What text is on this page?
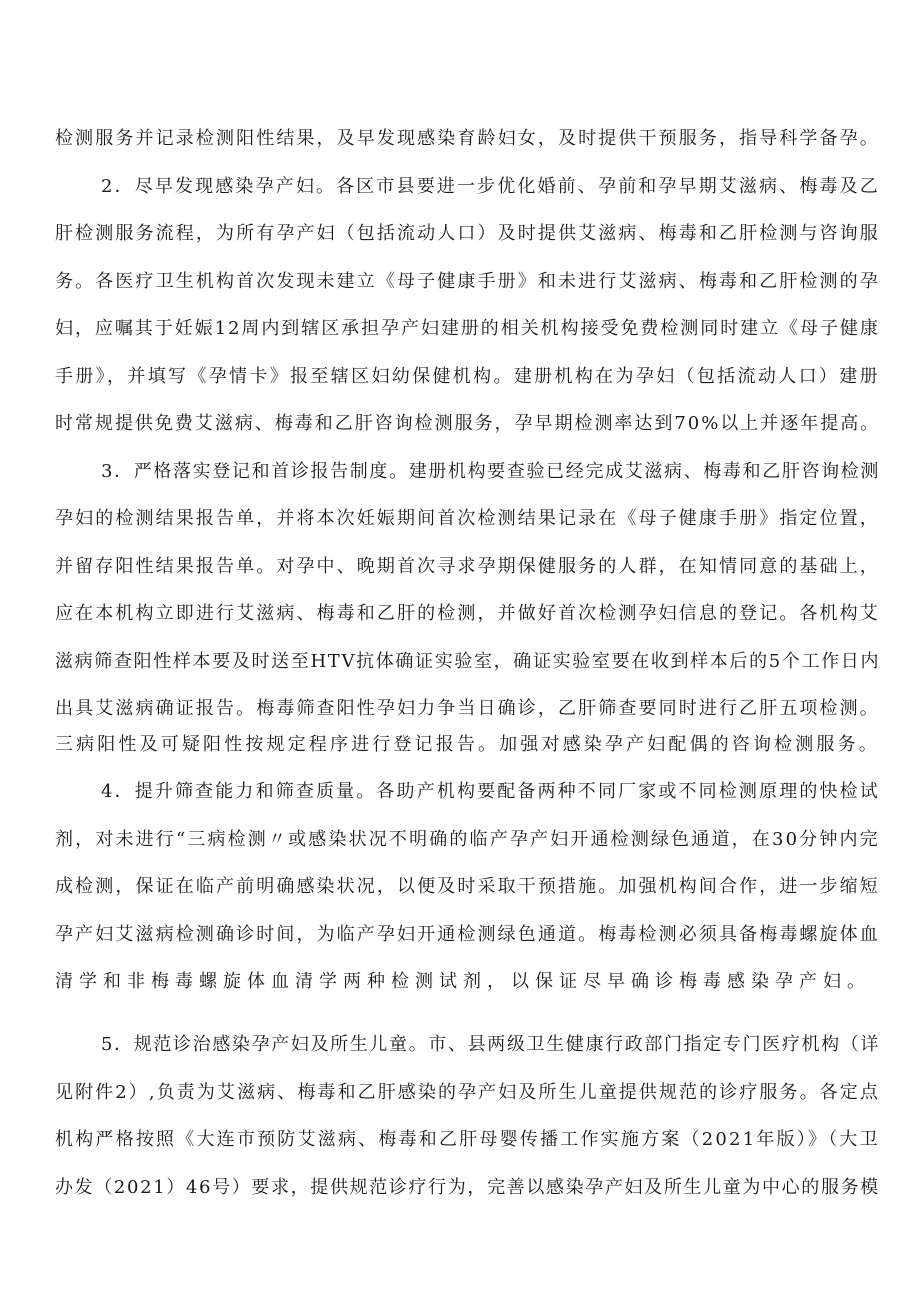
检测服务并记录检测阳性结果，及早发现感染育龄妇女，及时提供干预服务，指导科学备孕。
2．尽早发现感染孕产妇。各区市县要进一步优化婚前、孕前和孕早期艾滋病、梅毒及乙
肝检测服务流程，为所有孕产妇（包括流动人口）及时提供艾滋病、梅毒和乙肝检测与咨询服
务。各医疗卫生机构首次发现未建立《母子健康手册》和未进行艾滋病、梅毒和乙肝检测的孕
妇，应嘱其于妊娠12周内到辖区承担孕产妇建册的相关机构接受免费检测同时建立《母子健康
手册》，并填写《孕情卡》报至辖区妇幼保健机构。建册机构在为孕妇（包括流动人口）建册
时常规提供免费艾滋病、梅毒和乙肝咨询检测服务，孕早期检测率达到70%以上并逐年提高。
3．严格落实登记和首诊报告制度。建册机构要查验已经完成艾滋病、梅毒和乙肝咨询检测
孕妇的检测结果报告单，并将本次妊娠期间首次检测结果记录在《母子健康手册》指定位置，
并留存阳性结果报告单。对孕中、晚期首次寻求孕期保健服务的人群，在知情同意的基础上，
应在本机构立即进行艾滋病、梅毒和乙肝的检测，并做好首次检测孕妇信息的登记。各机构艾
滋病筛查阳性样本要及时送至HTV抗体确证实验室，确证实验室要在收到样本后的5个工作日内
出具艾滋病确证报告。梅毒筛查阳性孕妇力争当日确诊，乙肝筛查要同时进行乙肝五项检测。
三病阳性及可疑阳性按规定程序进行登记报告。加强对感染孕产妇配偶的咨询检测服务。
4．提升筛查能力和筛查质量。各助产机构要配备两种不同厂家或不同检测原理的快检试
剂，对未进行“三病检测〃或感染状况不明确的临产孕产妇开通检测绿色通道，在30分钟内完
成检测，保证在临产前明确感染状况，以便及时采取干预措施。加强机构间合作，进一步缩短
孕产妇艾滋病检测确诊时间，为临产孕妇开通检测绿色通道。梅毒检测必须具备梅毒螺旋体血
清学和非梅毒螺旋体血清学两种检测试剂，以保证尽早确诊梅毒感染孕产妇。
5．规范诊治感染孕产妇及所生儿童。市、县两级卫生健康行政部门指定专门医疗机构（详
见附件2）,负责为艾滋病、梅毒和乙肝感染的孕产妇及所生儿童提供规范的诊疗服务。各定点
机构严格按照《大连市预防艾滋病、梅毒和乙肝母婴传播工作实施方案（2021年版）》（大卫
办发（2021）46号）要求，提供规范诊疗行为，完善以感染孕产妇及所生儿童为中心的服务模
